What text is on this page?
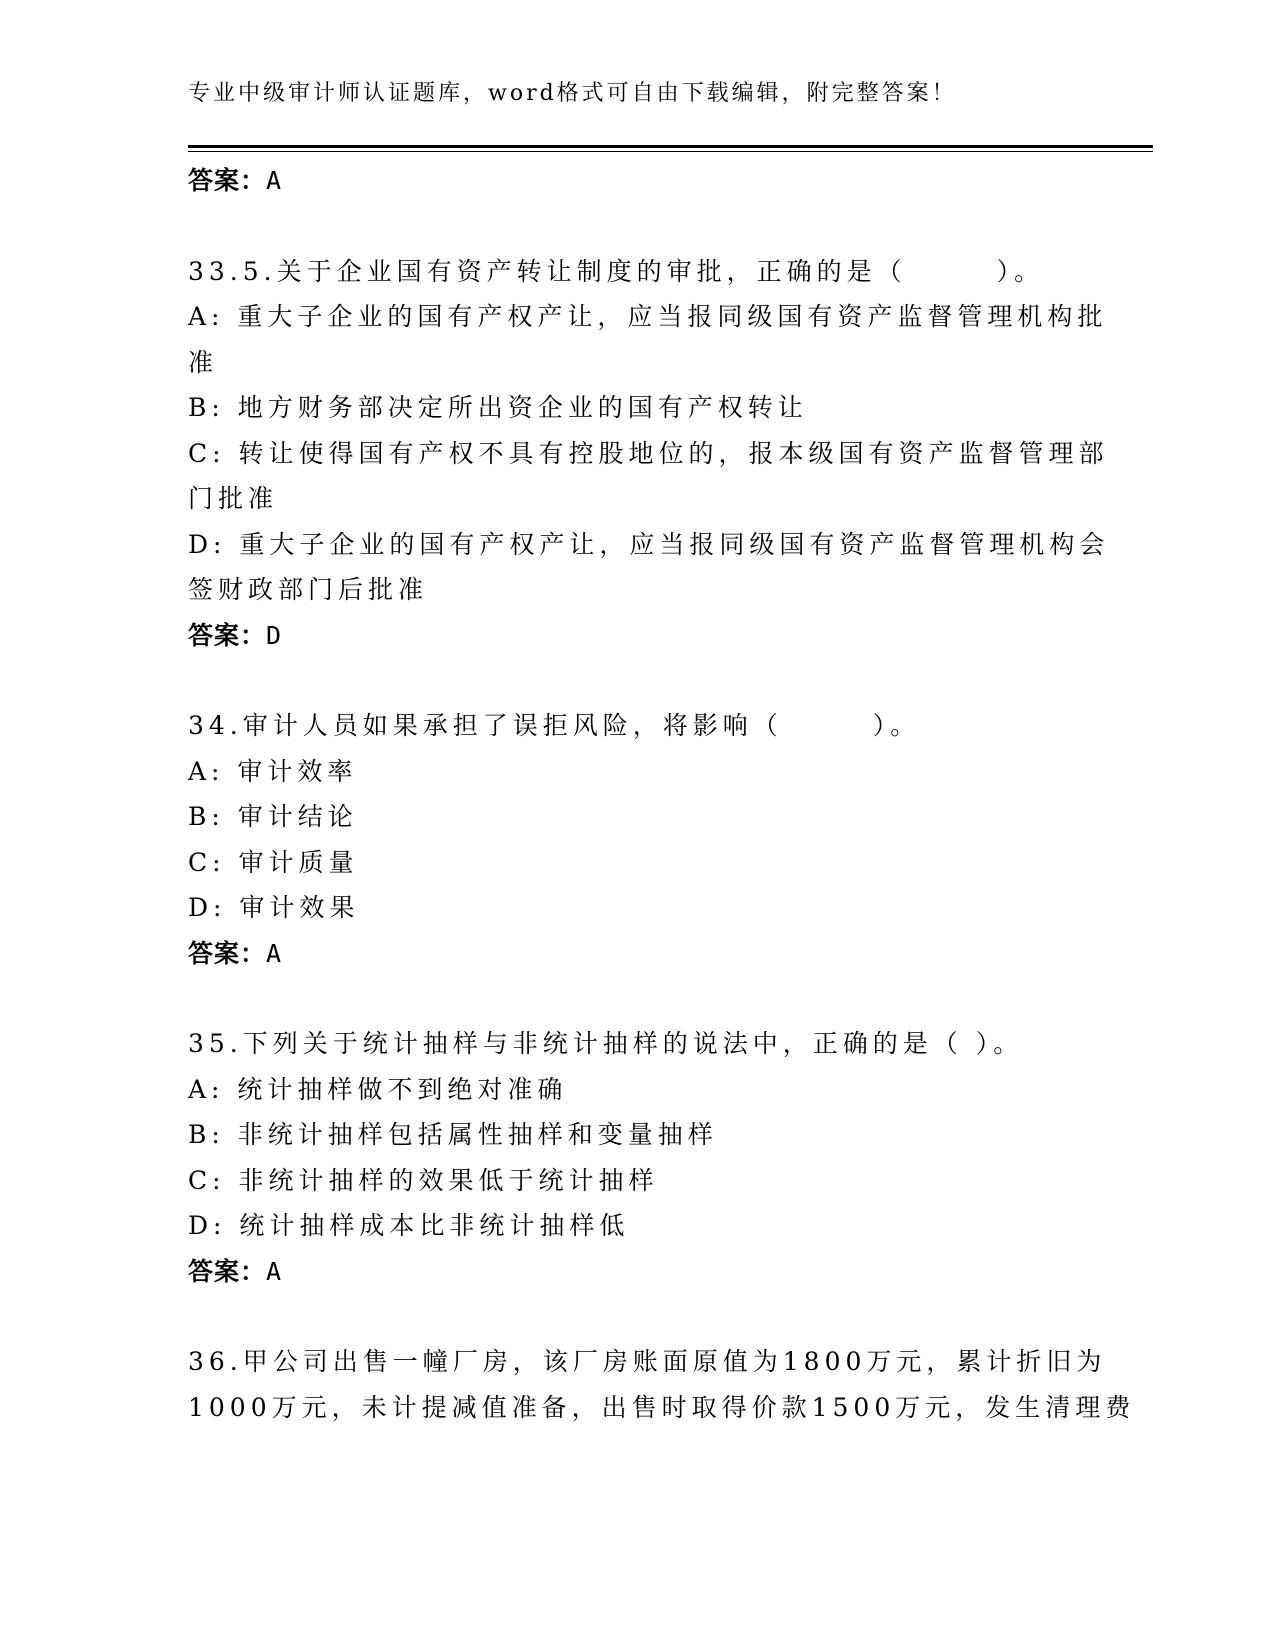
专业中级审计师认证题库，word格式可自由下载编辑，附完整答案！
答案：A
33.5.关于企业国有资产转让制度的审批，正确的是（　　　）。
A: 重大子企业的国有产权产让，应当报同级国有资产监督管理机构批
准
B: 地方财务部决定所出资企业的国有产权转让
C: 转让使得国有产权不具有控股地位的，报本级国有资产监督管理部
门批准
D: 重大子企业的国有产权产让，应当报同级国有资产监督管理机构会
签财政部门后批准
答案：D
34.审计人员如果承担了误拒风险，将影响（　　　）。
A: 审计效率
B: 审计结论
C: 审计质量
D: 审计效果
答案：A
35.下列关于统计抽样与非统计抽样的说法中，正确的是（ ）。
A: 统计抽样做不到绝对准确
B: 非统计抽样包括属性抽样和变量抽样
C: 非统计抽样的效果低于统计抽样
D: 统计抽样成本比非统计抽样低
答案：A
36.甲公司出售一幢厂房，该厂房账面原值为1800万元，累计折旧为
1000万元，未计提减值准备，出售时取得价款1500万元，发生清理费
